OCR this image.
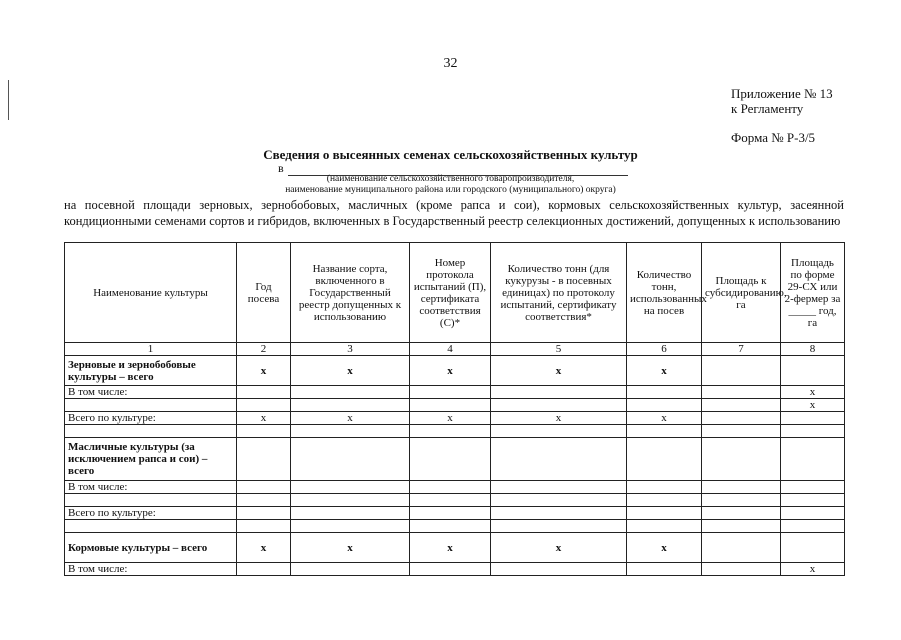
32
Приложение № 13
к Регламенту
Форма № Р-3/5
Сведения о высеянных семенах сельскохозяйственных культур
в
(наименование сельскохозяйственного товаропроизводителя,
наименование муниципального района или городского (муниципального) округа)
на посевной площади зерновых, зернобобовых, масличных (кроме рапса и сои), кормовых сельскохозяйственных культур, засеянной кондиционными семенами сортов и гибридов, включенных в Государственный реестр селекционных достижений, допущенных к использованию
Наименование культуры	Год посева	Название сорта, включенного в Государственный реестр допущенных к использованию	Номер протокола испытаний (П), сертификата соответствия (С)*	Количество тонн (для кукурузы - в посевных единицах) по протоколу испытаний, сертификату соответствия*	Количество тонн, использованных на посев	Площадь к субсидированию, га	Площадь по форме 29-СХ или 2-фермер за _____ год, га
1	2	3	4	5	6	7	8
Зерновые и зернобобовые культуры – всего	x	x	x	x	x		
В том числе:							x
							x
Всего по культуре:	x	x	x	x	x		

Масличные культуры (за исключением рапса и сои) – всего							
В том числе:							

Всего по культуре:							

Кормовые культуры – всего	x	x	x	x	x		
В том числе:							x
